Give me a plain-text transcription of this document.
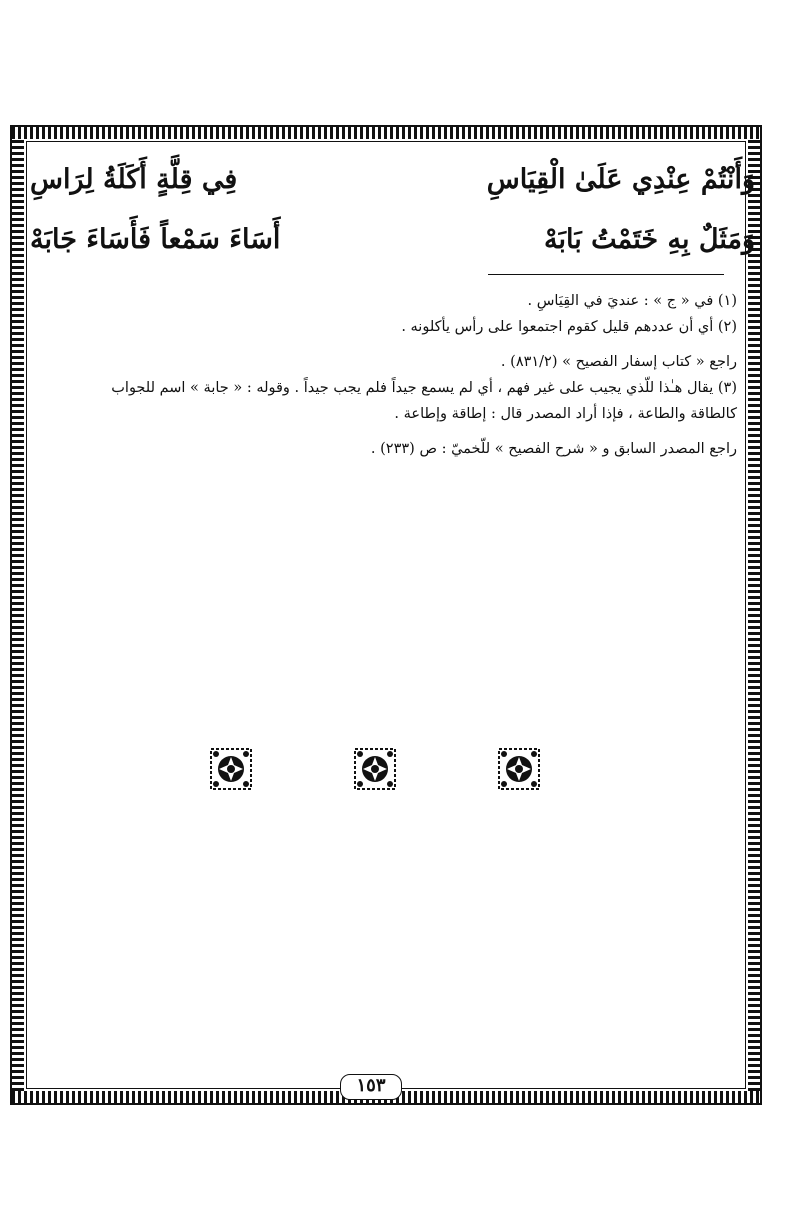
١٥٣
وَأَنْتُمْ عِنْدِي عَلَىٰ الْقِيَاسِ
فِي قِلَّةٍ أَكَلَةُ لِرَاسِ
وَمَثَلٌ بِهِ خَتَمْتُ بَابَهْ
أَسَاءَ سَمْعاً فَأَسَاءَ جَابَهْ
(١) في « ج » : عنديَ في القِيَاسِ .
(٢) أي أن عددهم قليل كقوم اجتمعوا على رأس يأكلونه .
راجع « كتاب إسفار الفصيح » (٨٣١/٢) .
(٣) يقال هـٰذا للّذي يجيب على غير فهم ، أي لم يسمع جيداً فلم يجب جيداً . وقوله : « جابة » اسم للجواب
كالطاقة والطاعة ، فإذا أراد المصدر قال : إطاقة وإطاعة .
راجع المصدر السابق و « شرح الفصيح » للّخميّ : ص (٢٣٣) .
